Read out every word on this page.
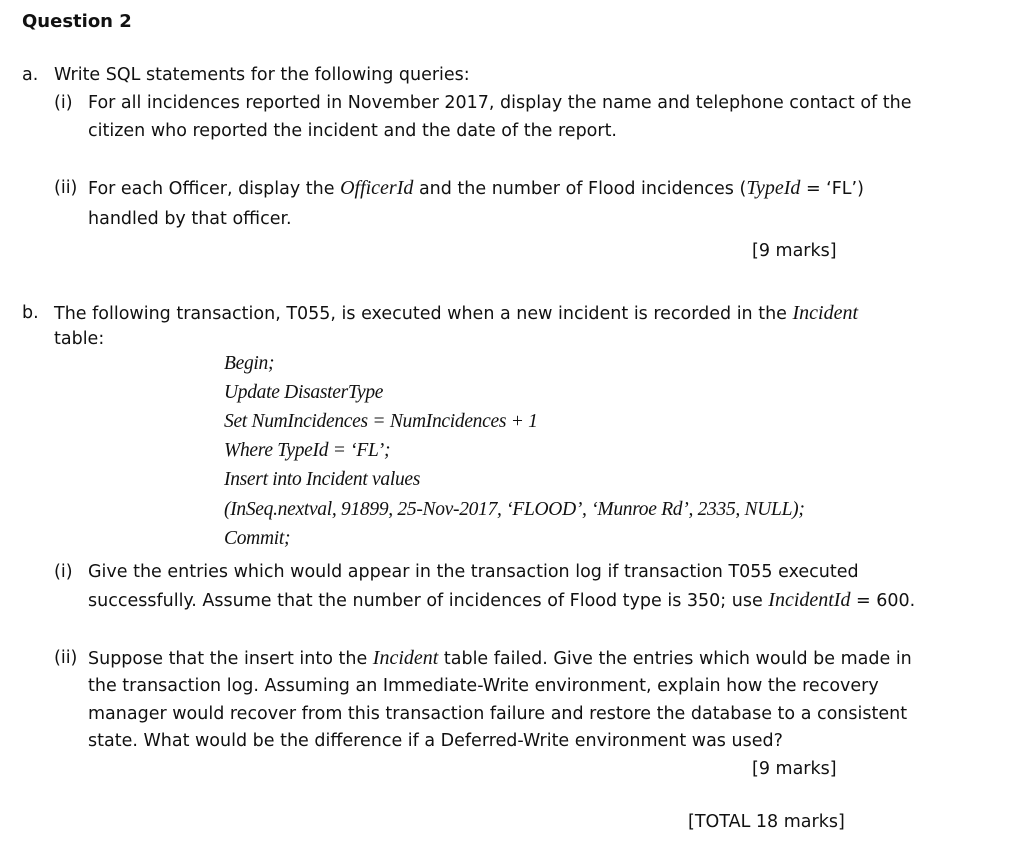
Question 2
a. Write SQL statements for the following queries:
(i) For all incidences reported in November 2017, display the name and telephone contact of the
citizen who reported the incident and the date of the report.
(ii) For each Officer, display the OfficerId and the number of Flood incidences (TypeId = ‘FL’)
handled by that officer.
[9 marks]
b. The following transaction, T055, is executed when a new incident is recorded in the Incident
table:
Begin;
Update DisasterType
Set NumIncidences = NumIncidences + 1
Where TypeId = ‘FL’;
Insert into Incident values
(InSeq.nextval, 91899, 25-Nov-2017, ‘FLOOD’, ‘Munroe Rd’, 2335, NULL);
Commit;
(i) Give the entries which would appear in the transaction log if transaction T055 executed
successfully. Assume that the number of incidences of Flood type is 350; use IncidentId = 600.
(ii) Suppose that the insert into the Incident table failed. Give the entries which would be made in
the transaction log. Assuming an Immediate-Write environment, explain how the recovery
manager would recover from this transaction failure and restore the database to a consistent
state. What would be the difference if a Deferred-Write environment was used?
[9 marks]
[TOTAL 18 marks]
